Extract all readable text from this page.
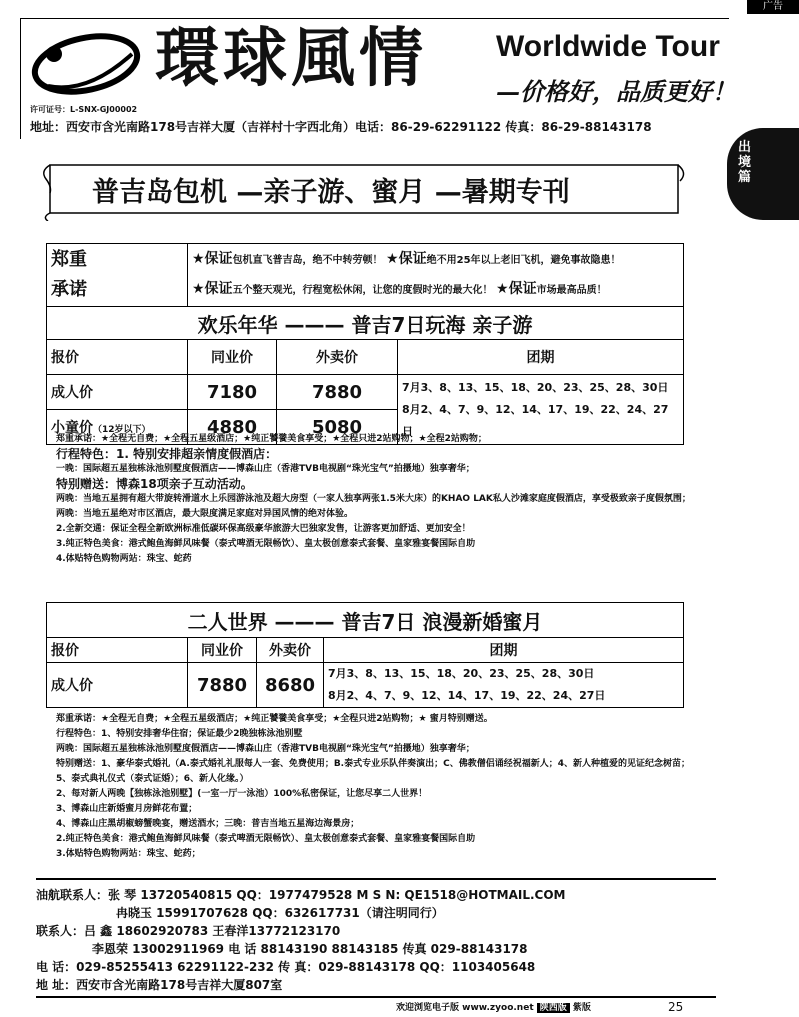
广告
環球風情 Worldwide Tour
—价格好，品质更好！
许可证号：L-SNX-GJ00002
地址：西安市含光南路178号吉祥大厦（吉祥村十字西北角）电话：86-29-62291122 传真：86-29-88143178
出境篇
普吉岛包机 —亲子游、蜜月 —暑期专刊
郑重
承诺	★保证包机直飞普吉岛，绝不中转劳顿！ ★保证绝不用25年以上老旧飞机，避免事故隐患！
★保证五个整天观光，行程宽松休闲，让您的度假时光的最大化！ ★保证市场最高品质！		
欢乐年华 ——— 普吉7日玩海 亲子游			
报价	同业价	外卖价	团期
成人价	7180	7880	7月3、8、13、15、18、20、23、25、28、30日
8月2、4、7、9、12、14、17、19、22、24、27日

小童价（12岁以下）	4880	5080	
郑重承诺：★全程无自费；★全程五星级酒店；★纯正饕餮美食享受；★全程只进2站购物；★全程2站购物；
行程特色：1. 特别安排超亲情度假酒店：
一晚：国际超五星独栋泳池别墅度假酒店——博森山庄（香港TVB电视剧“珠光宝气”拍摄地）独享奢华；
特别赠送：博森18项亲子互动活动。
两晚：当地五星拥有超大带旋转滑道水上乐园游泳池及超大房型（一家人独享两张1.5米大床）的KHAO LAK私人沙滩家庭度假酒店，享受极致亲子度假氛围；
两晚：当地五星绝对市区酒店，最大限度满足家庭对异国风情的绝对体验。
2.全新交通：保证全程全新欧洲标准低碳环保高级豪华旅游大巴独家发售，让游客更加舒适、更加安全！
3.纯正特色美食：港式鲍鱼海鲜风味餐（泰式啤酒无限畅饮）、皇太极创意泰式套餐、皇家雅宴餐国际自助
4.体贴特色购物两站：珠宝、蛇药
二人世界 ——— 普吉7日 浪漫新婚蜜月			
报价	同业价	外卖价	团期
成人价	7880	8680	7月3、8、13、15、18、20、23、25、28、30日
8月2、4、7、9、12、14、17、19、22、24、27日
郑重承诺：★全程无自费；★全程五星级酒店；★纯正饕餮美食享受；★全程只进2站购物；★ 蜜月特别赠送。
行程特色：1、特别安排奢华住宿；保证最少2晚独栋泳池别墅
两晚：国际超五星独栋泳池别墅度假酒店——博森山庄（香港TVB电视剧“珠光宝气”拍摄地）独享奢华；
特别赠送：1、豪华泰式婚礼（A.泰式婚礼礼服每人一套、免费使用；B.泰式专业乐队伴奏演出；C、佛教僧侣诵经祝福新人；4、新人种植爱的见证纪念树苗；5、泰式典礼仪式（泰式证婚）；6、新人化缘。）
2、每对新人两晚【独栋泳池别墅】(一室一厅一泳池）100%私密保证，让您尽享二人世界！
3、博森山庄新婚蜜月房鲜花布置；
4、博森山庄黑胡椒螃蟹晚宴，赠送酒水；三晚：普吉当地五星海边海景房；
2.纯正特色美食：港式鲍鱼海鲜风味餐（泰式啤酒无限畅饮）、皇太极创意泰式套餐、皇家雅宴餐国际自助
3.体贴特色购物两站：珠宝、蛇药；
油航联系人：张 琴 13720540815 QQ：1977479528 M S N: QE1518@HOTMAIL.COM
冉晓玉 15991707628 QQ：632617731（请注明同行）
联系人：吕 鑫 18602920783 王春洋13772123170
李恩荣 13002911969 电 话 88143190 88143185 传真 029-88143178
电 话：029-85255413 62291122-232 传 真：029-88143178 QQ：1103405648
地 址：西安市含光南路178号吉祥大厦807室
欢迎浏览电子版 www.zyoo.net 陕西版 紫版	25
